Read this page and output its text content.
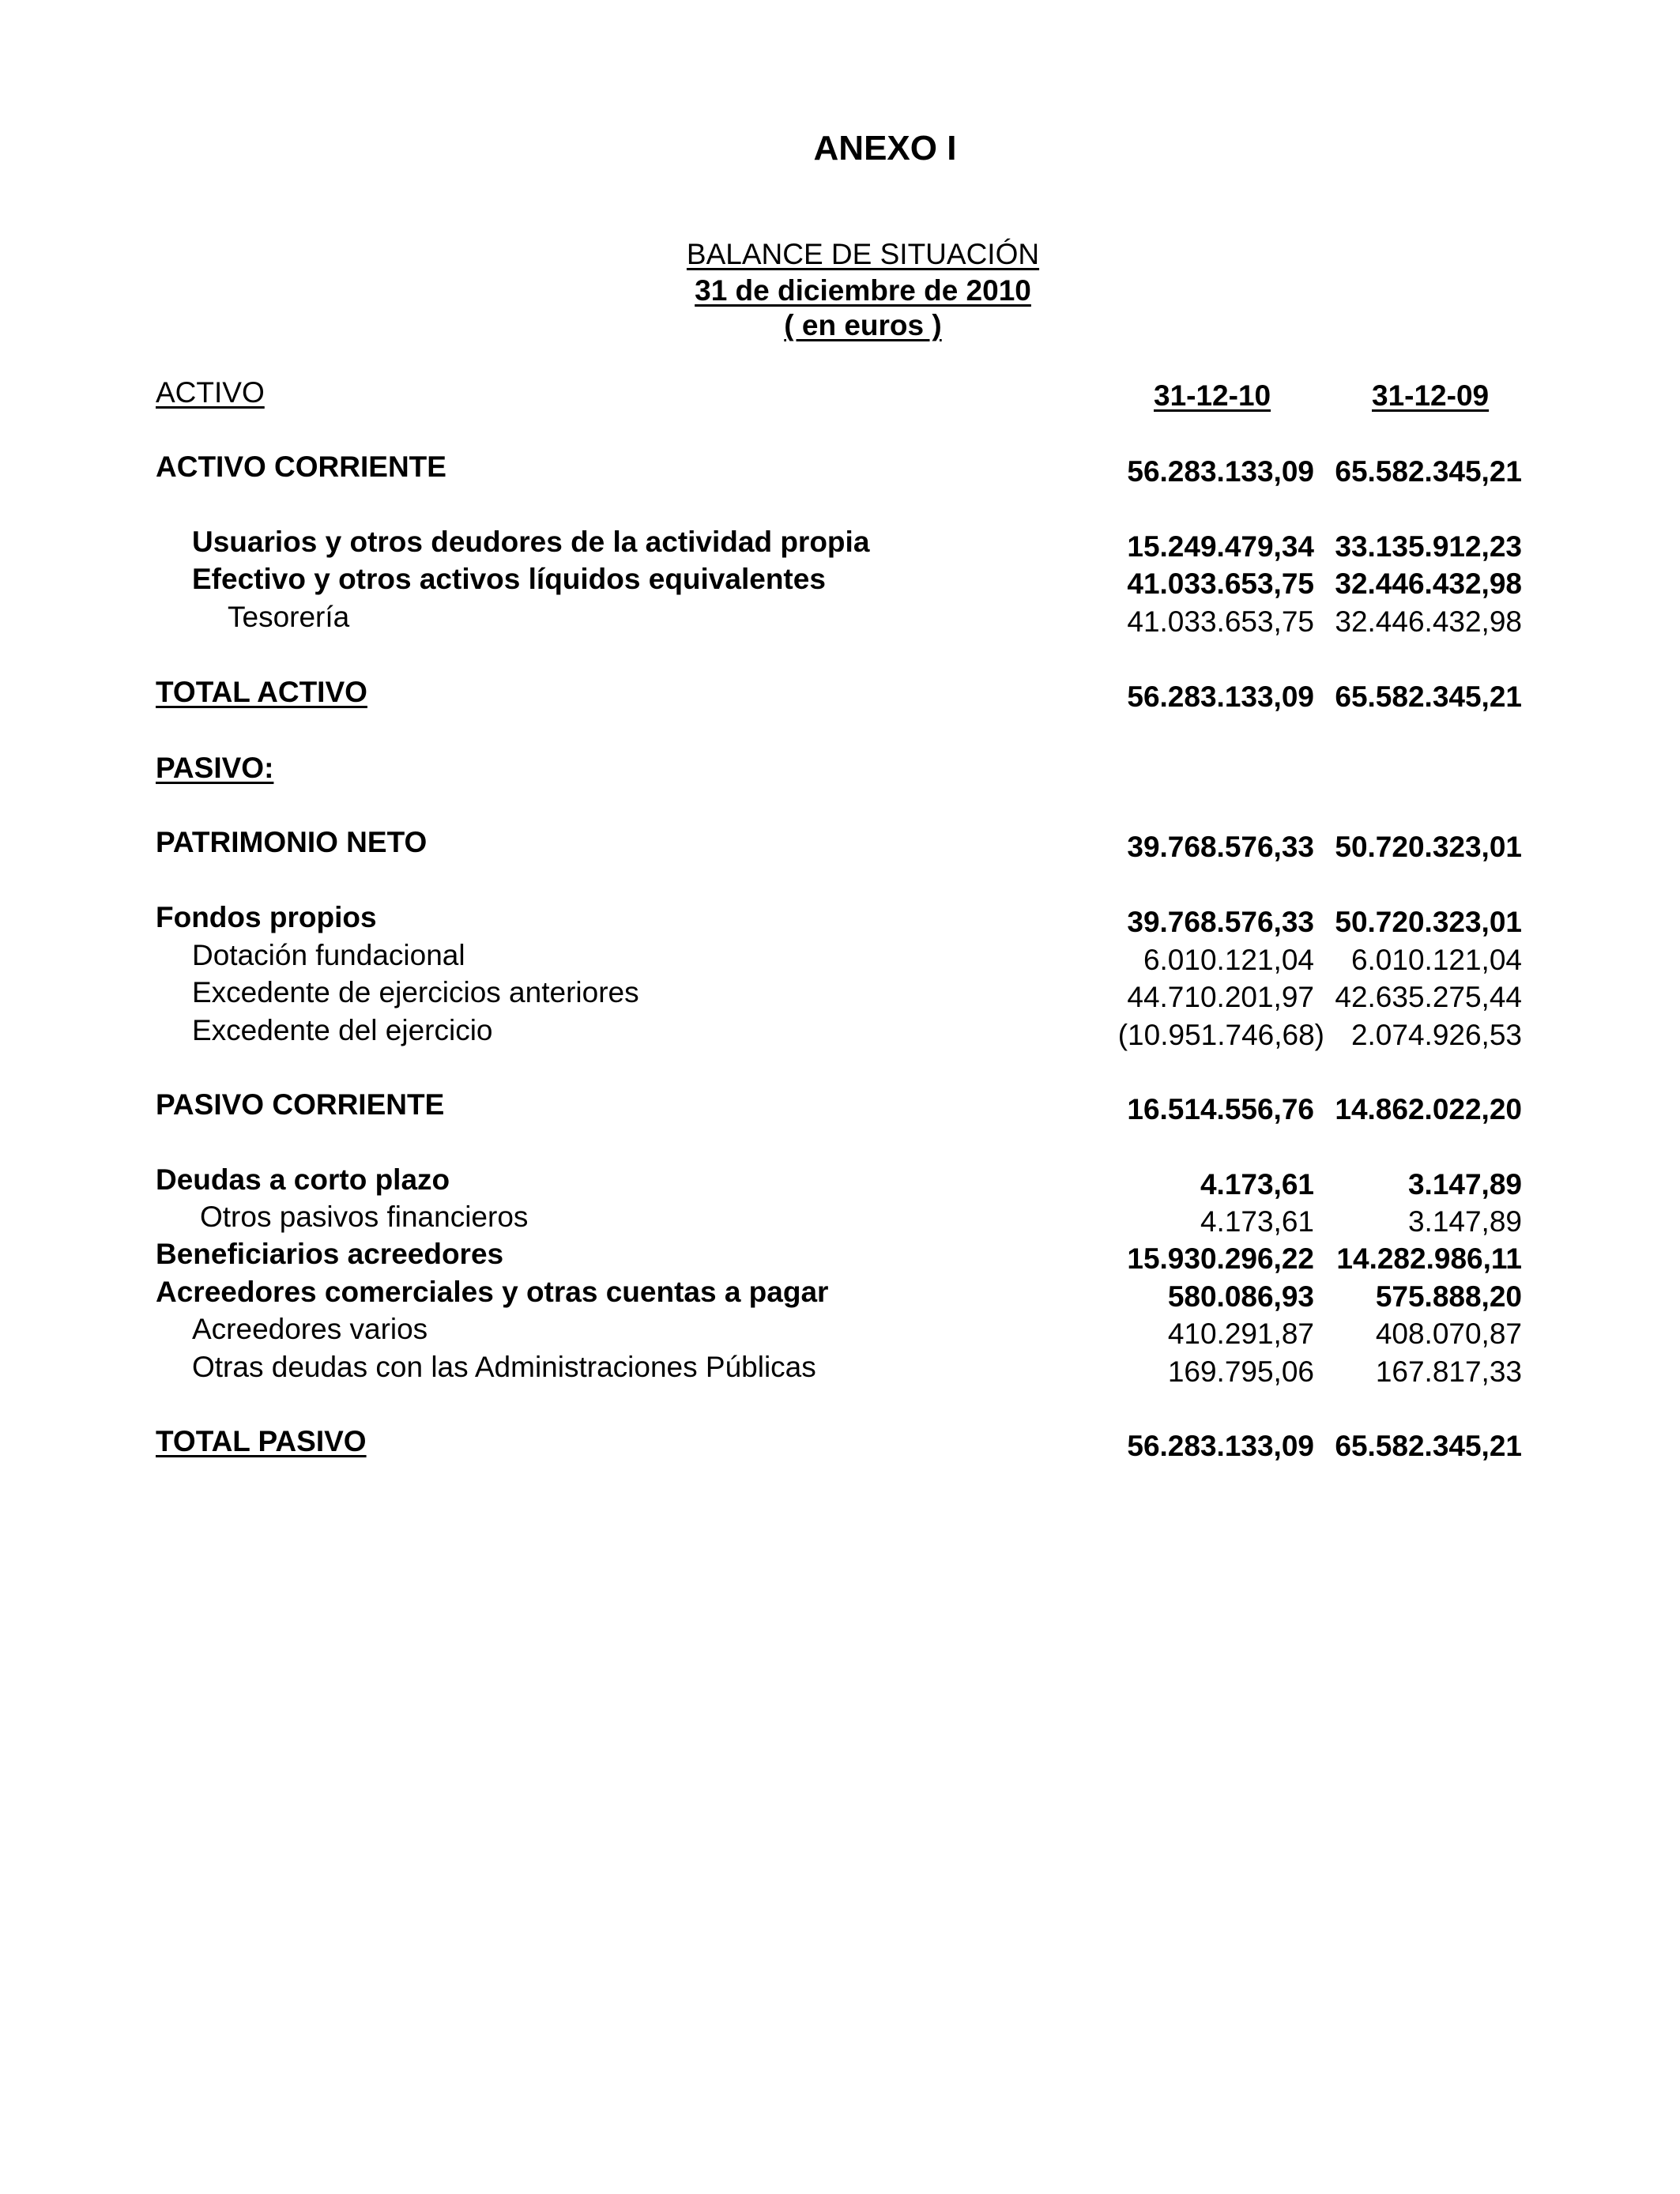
ANEXO I
BALANCE DE SITUACIÓN
31 de diciembre de 2010
( en euros )
ACTIVO	31-12-10	31-12-09
ACTIVO CORRIENTE	56.283.133,09 65.582.345,21
Usuarios y otros deudores de la actividad propia	15.249.479,34 33.135.912,23
Efectivo y otros activos líquidos equivalentes	41.033.653,75 32.446.432,98
Tesorería	41.033.653,75 32.446.432,98
TOTAL ACTIVO	56.283.133,09 65.582.345,21
PASIVO:
PATRIMONIO NETO	39.768.576,33 50.720.323,01
Fondos propios	39.768.576,33 50.720.323,01
Dotación fundacional	6.010.121,04 6.010.121,04
Excedente de ejercicios anteriores	44.710.201,97 42.635.275,44
Excedente del ejercicio	(10.951.746,68) 2.074.926,53
PASIVO CORRIENTE	16.514.556,76 14.862.022,20
Deudas a corto plazo	4.173,61	3.147,89
Otros pasivos financieros	4.173,61	3.147,89
Beneficiarios acreedores	15.930.296,22 14.282.986,11
Acreedores comerciales y otras cuentas a pagar	580.086,93 575.888,20
Acreedores varios	410.291,87 408.070,87
Otras deudas con las Administraciones Públicas	169.795,06 167.817,33
TOTAL PASIVO	56.283.133,09 65.582.345,21
